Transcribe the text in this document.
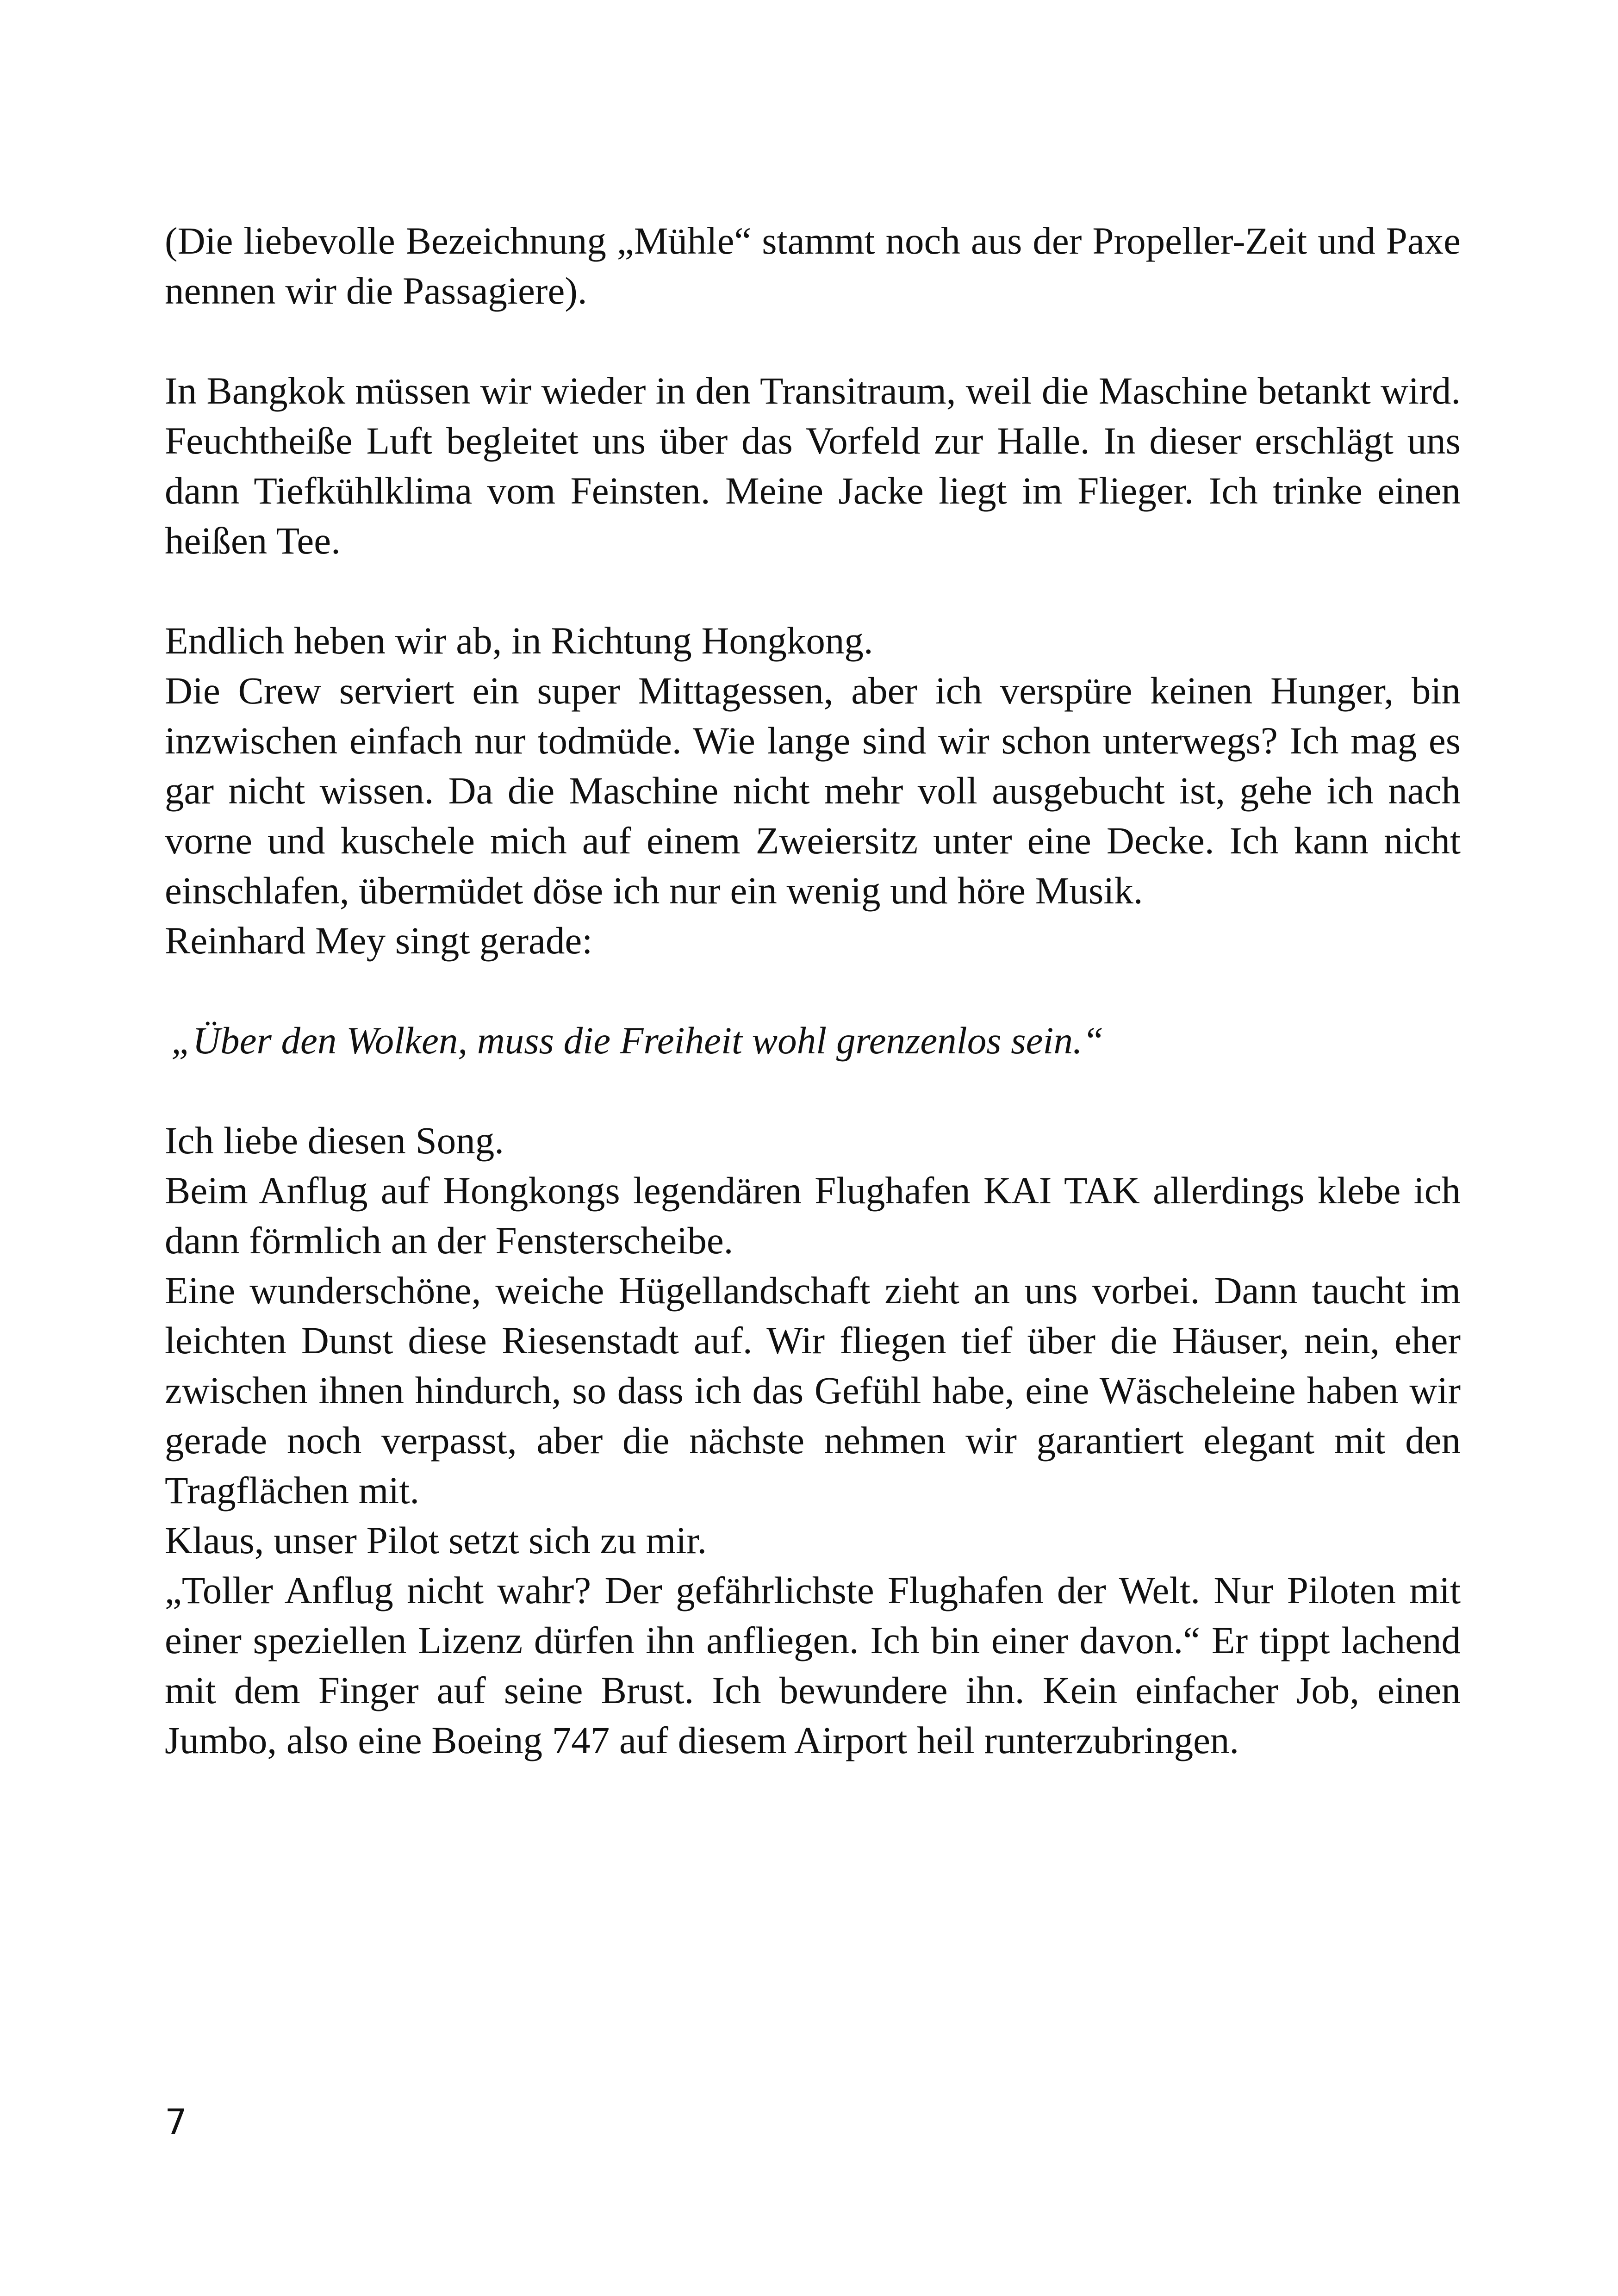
(Die liebevolle Bezeichnung „Mühle“ stammt noch aus der Propeller-Zeit und Paxe nennen wir die Passagiere).

In Bangkok müssen wir wieder in den Transitraum, weil die Maschine betankt wird. Feuchtheiße Luft begleitet uns über das Vorfeld zur Halle. In dieser erschlägt uns dann Tiefkühlklima vom Feinsten. Meine Jacke liegt im Flieger. Ich trinke einen heißen Tee.

Endlich heben wir ab, in Richtung Hongkong.

Die Crew serviert ein super Mittagessen, aber ich verspüre keinen Hunger, bin inzwischen einfach nur todmüde. Wie lange sind wir schon unterwegs? Ich mag es gar nicht wissen. Da die Maschine nicht mehr voll ausgebucht ist, gehe ich nach vorne und kuschele mich auf einem Zweiersitz unter eine Decke. Ich kann nicht einschlafen, übermüdet döse ich nur ein wenig und höre Musik.

Reinhard Mey singt gerade:

„Über den Wolken, muss die Freiheit wohl grenzenlos sein.“

Ich liebe diesen Song.

Beim Anflug auf Hongkongs legendären Flughafen KAI TAK allerdings klebe ich dann förmlich an der Fensterscheibe.

Eine wunderschöne, weiche Hügellandschaft zieht an uns vorbei. Dann taucht im leichten Dunst diese Riesenstadt auf. Wir fliegen tief über die Häuser, nein, eher zwischen ihnen hindurch, so dass ich das Gefühl habe, eine Wäscheleine haben wir gerade noch verpasst, aber die nächste nehmen wir garantiert elegant mit den Tragflächen mit.

Klaus, unser Pilot setzt sich zu mir.

„Toller Anflug nicht wahr? Der gefährlichste Flughafen der Welt. Nur Piloten mit einer speziellen Lizenz dürfen ihn anfliegen. Ich bin einer davon.“ Er tippt lachend mit dem Finger auf seine Brust. Ich bewundere ihn. Kein einfacher Job, einen Jumbo, also eine Boeing 747 auf diesem Airport heil runterzubringen.

7
